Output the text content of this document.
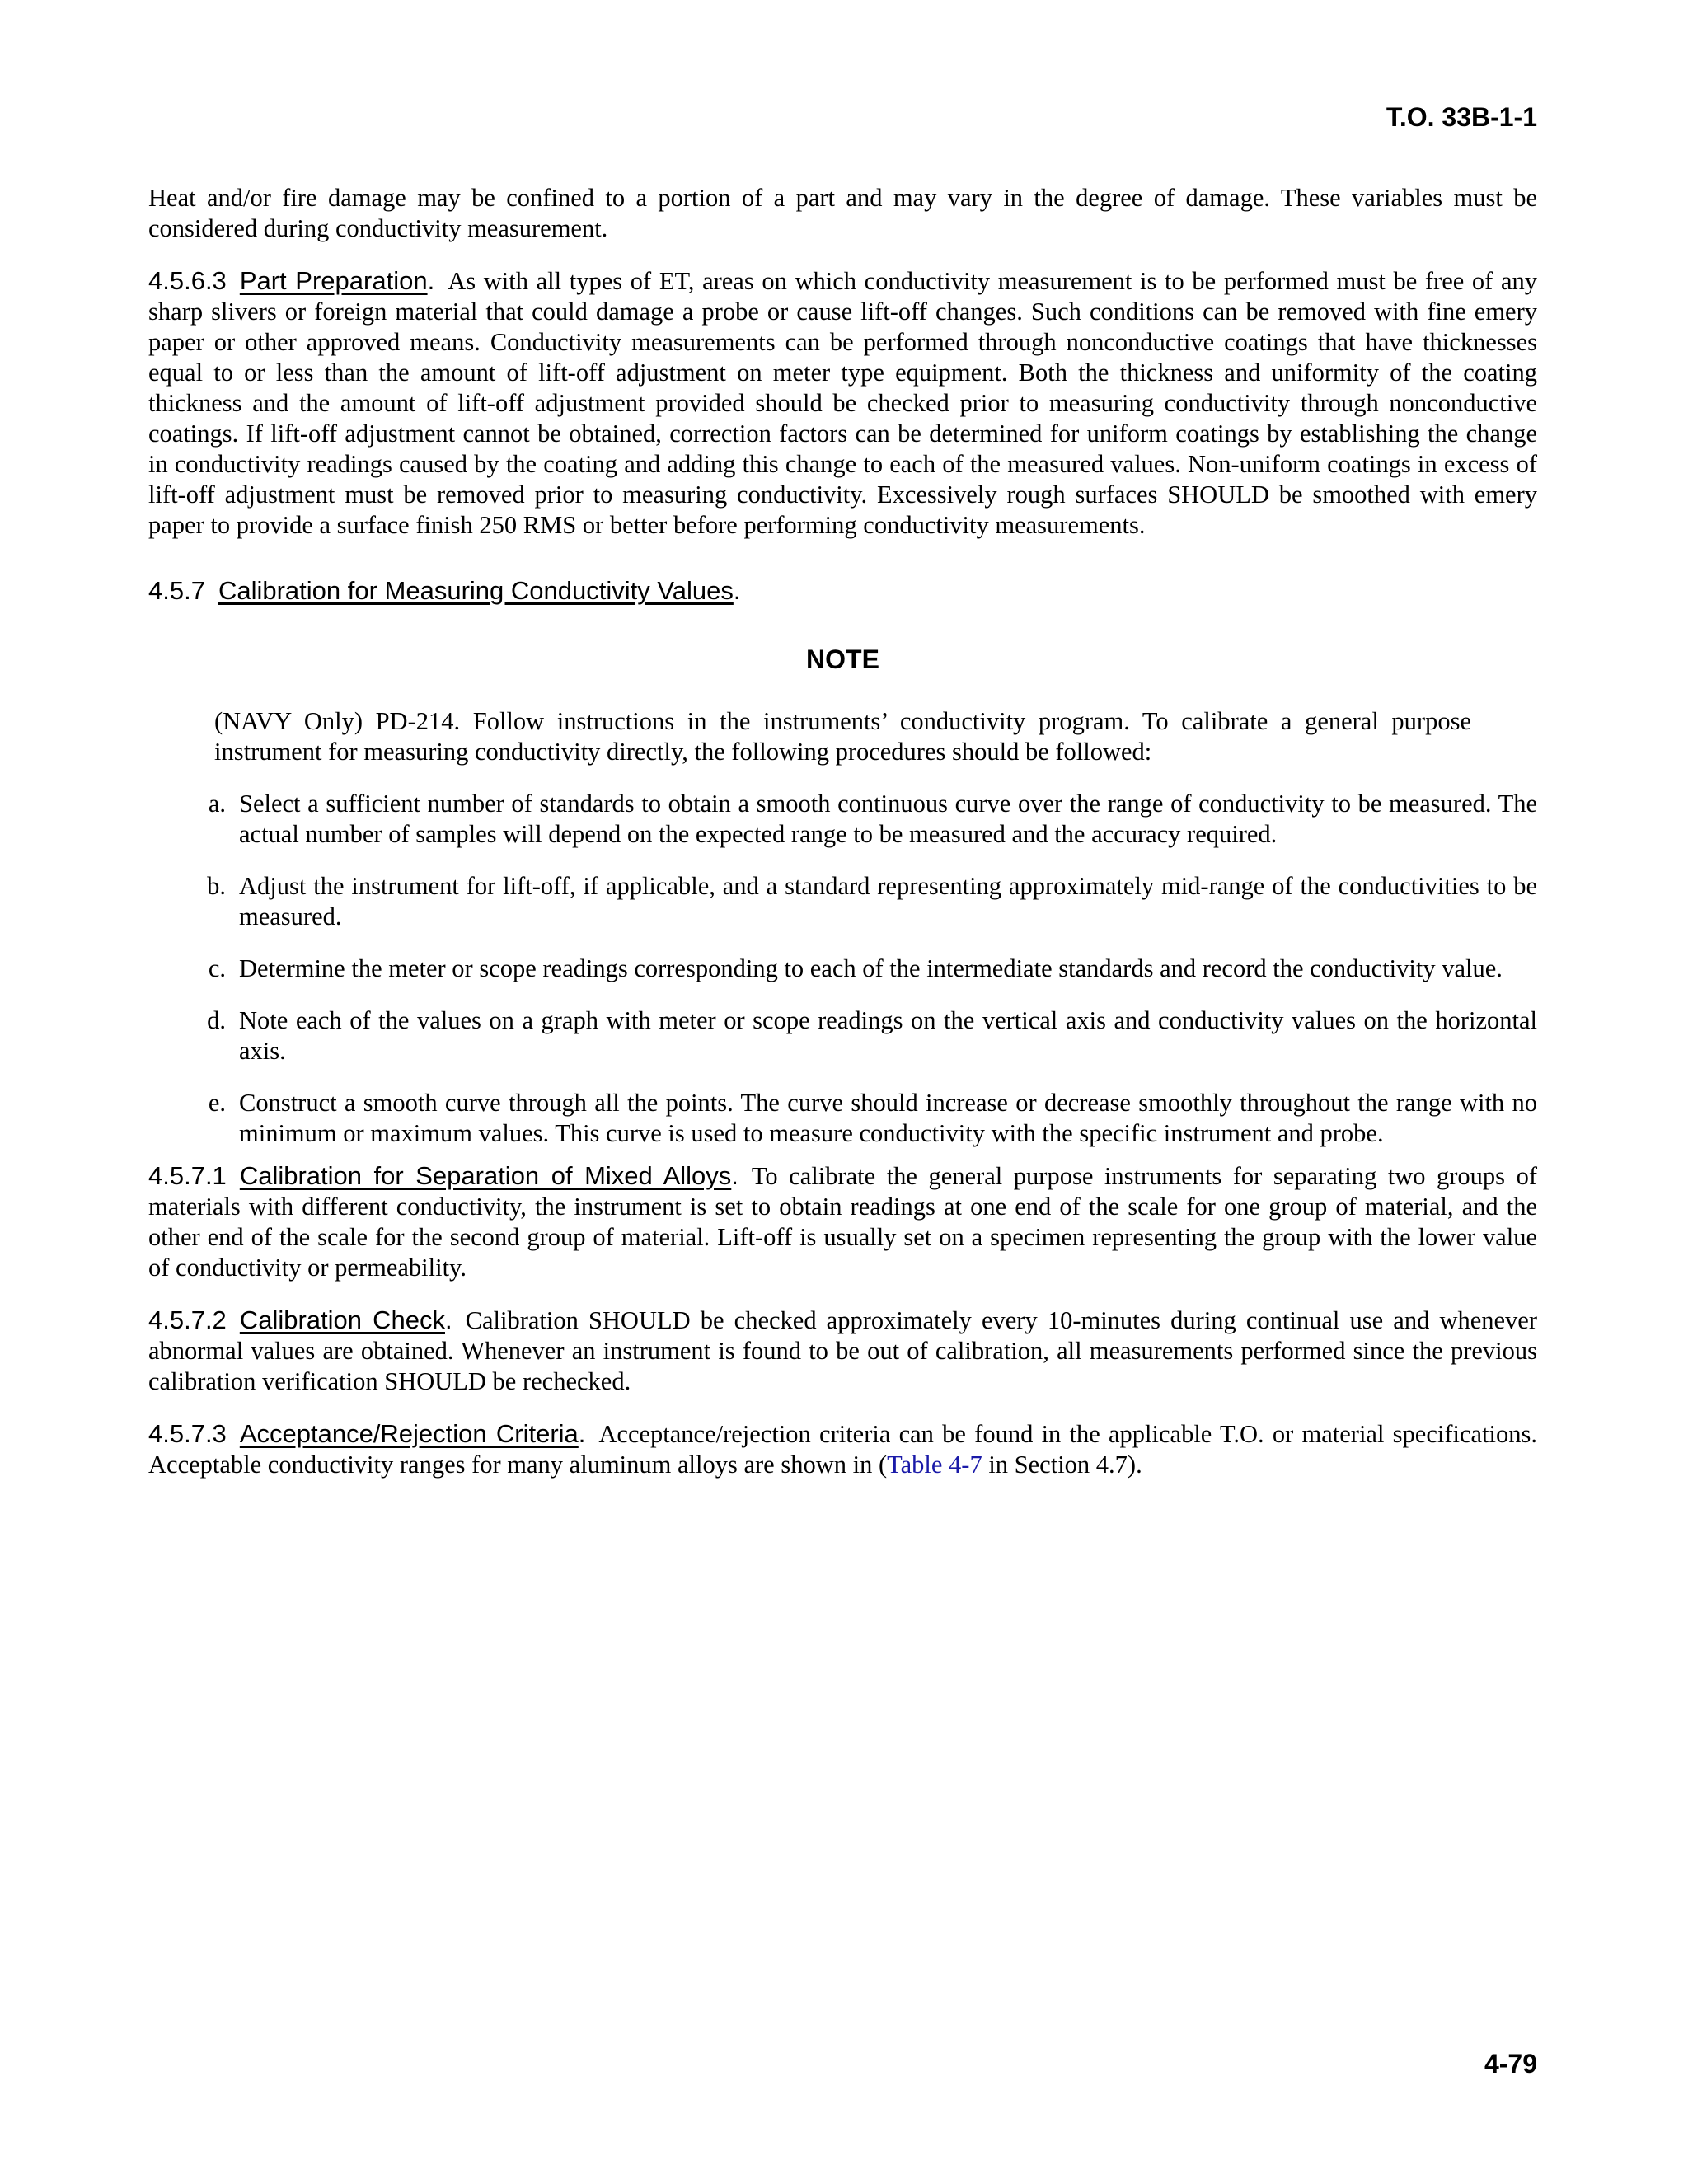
T.O. 33B-1-1

Heat and/or fire damage may be confined to a portion of a part and may vary in the degree of damage. These variables must be considered during conductivity measurement.

4.5.6.3 Part Preparation. As with all types of ET, areas on which conductivity measurement is to be performed must be free of any sharp slivers or foreign material that could damage a probe or cause lift-off changes. Such conditions can be removed with fine emery paper or other approved means. Conductivity measurements can be performed through nonconductive coatings that have thicknesses equal to or less than the amount of lift-off adjustment on meter type equipment. Both the thickness and uniformity of the coating thickness and the amount of lift-off adjustment provided should be checked prior to measuring conductivity through nonconductive coatings. If lift-off adjustment cannot be obtained, correction factors can be determined for uniform coatings by establishing the change in conductivity readings caused by the coating and adding this change to each of the measured values. Non-uniform coatings in excess of lift-off adjustment must be removed prior to measuring conductivity. Excessively rough surfaces SHOULD be smoothed with emery paper to provide a surface finish 250 RMS or better before performing conductivity measurements.

4.5.7 Calibration for Measuring Conductivity Values.

NOTE

(NAVY Only) PD-214. Follow instructions in the instruments’ conductivity program. To calibrate a general purpose instrument for measuring conductivity directly, the following procedures should be followed:

a. Select a sufficient number of standards to obtain a smooth continuous curve over the range of conductivity to be measured. The actual number of samples will depend on the expected range to be measured and the accuracy required.
b. Adjust the instrument for lift-off, if applicable, and a standard representing approximately mid-range of the conductivities to be measured.
c. Determine the meter or scope readings corresponding to each of the intermediate standards and record the conductivity value.
d. Note each of the values on a graph with meter or scope readings on the vertical axis and conductivity values on the horizontal axis.
e. Construct a smooth curve through all the points. The curve should increase or decrease smoothly throughout the range with no minimum or maximum values. This curve is used to measure conductivity with the specific instrument and probe.

4.5.7.1 Calibration for Separation of Mixed Alloys. To calibrate the general purpose instruments for separating two groups of materials with different conductivity, the instrument is set to obtain readings at one end of the scale for one group of material, and the other end of the scale for the second group of material. Lift-off is usually set on a specimen representing the group with the lower value of conductivity or permeability.

4.5.7.2 Calibration Check. Calibration SHOULD be checked approximately every 10-minutes during continual use and whenever abnormal values are obtained. Whenever an instrument is found to be out of calibration, all measurements performed since the previous calibration verification SHOULD be rechecked.

4.5.7.3 Acceptance/Rejection Criteria. Acceptance/rejection criteria can be found in the applicable T.O. or material specifications. Acceptable conductivity ranges for many aluminum alloys are shown in (Table 4-7 in Section 4.7).

4-79
